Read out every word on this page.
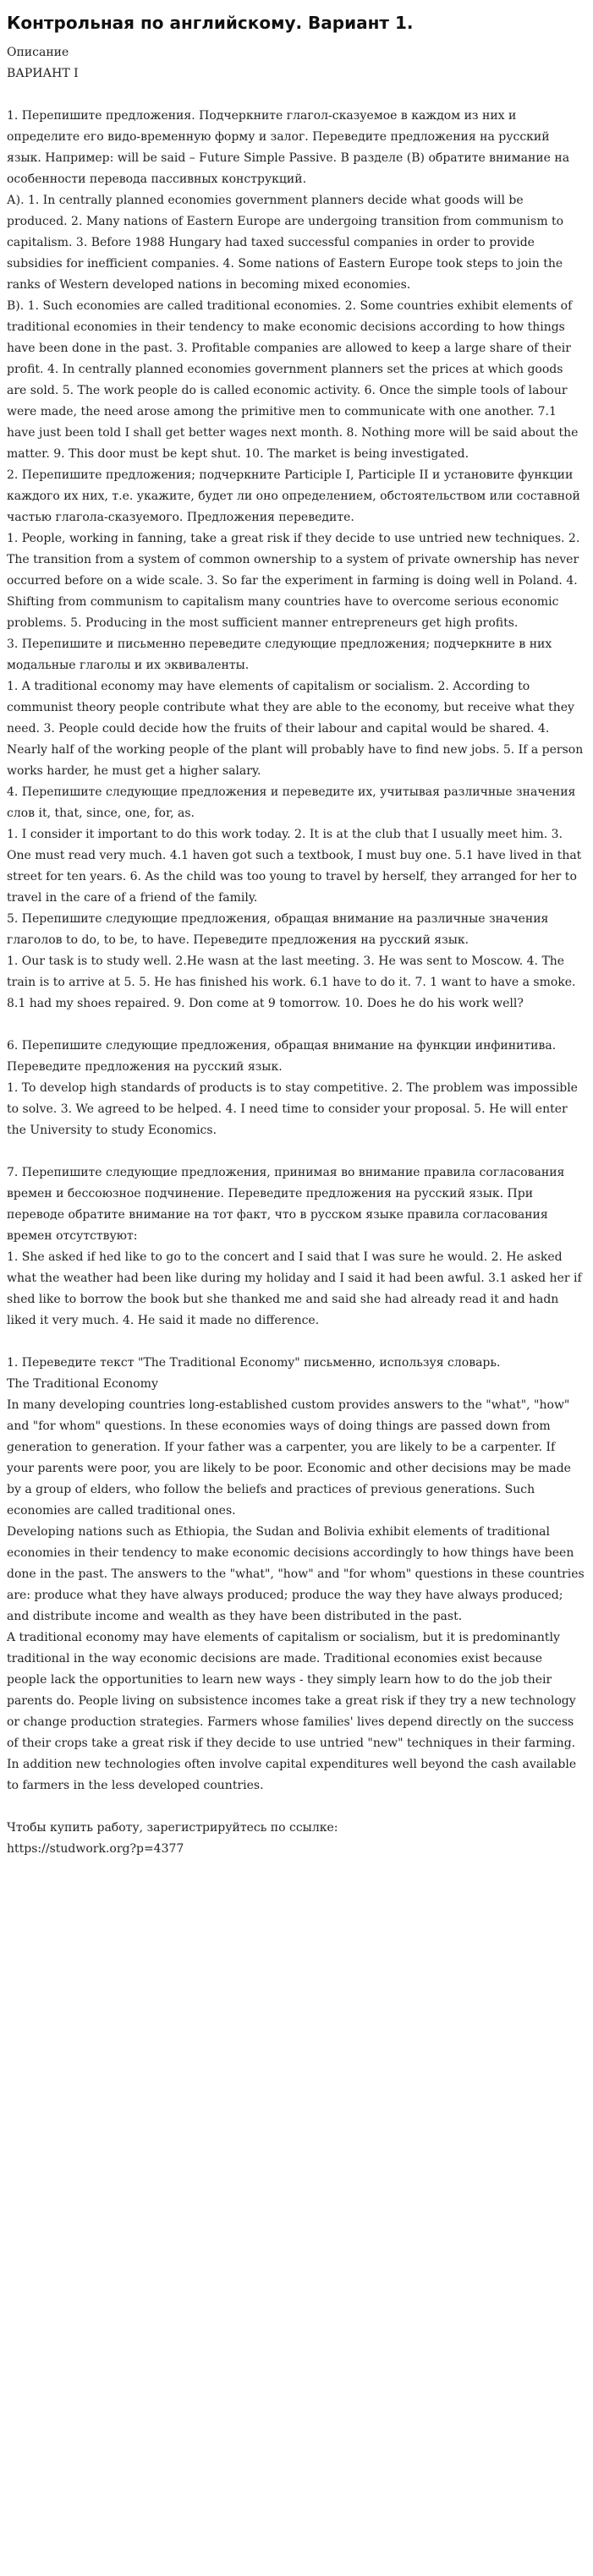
Контрольная по английскому. Вариант 1.
Описание
ВАРИАНТ I
1. Перепишите предложения. Подчеркните глагол-сказуемое в каждом из них и определите его видо-временную форму и залог. Переведите предложения на русский язык. Например: will be said – Future Simple Passive. В разделе (B) обратите внимание на особенности перевода пассивных конструкций.
А). 1. In centrally planned economies government planners decide what goods will be produced. 2. Many nations of Eastern Europe are undergoing transition from communism to capitalism. 3. Before 1988 Hungary had taxed successful companies in order to provide subsidies for inefficient companies. 4. Some nations of Eastern Europe took steps to join the ranks of Western developed nations in becoming mixed economies.
B). 1. Such economies are called traditional economies. 2. Some countries exhibit elements of traditional economies in their tendency to make economic decisions according to how things have been done in the past. 3. Profitable companies are allowed to keep a large share of their profit. 4. In centrally planned economies government planners set the prices at which goods are sold. 5. The work people do is called economic activity. 6. Once the simple tools of labour were made, the need arose among the primitive men to communicate with one another. 7.1 have just been told I shall get better wages next month. 8. Nothing more will be said about the matter. 9. This door must be kept shut. 10. The market is being investigated.
2. Перепишите предложения; подчеркните Participle I, Participle II и установите функции каждого их них, т.е. укажите, будет ли оно определением, обстоятельством или составной частью глагола-сказуемого. Предложения переведите.
1. People, working in fanning, take a great risk if they decide to use untried new techniques. 2. The transition from a system of common ownership to a system of private ownership has never occurred before on a wide scale. 3. So far the experiment in farming is doing well in Poland. 4. Shifting from communism to capitalism many countries have to overcome serious economic problems. 5. Producing in the most sufficient manner entrepreneurs get high profits.
3. Перепишите и письменно переведите следующие предложения; подчеркните в них модальные глаголы и их эквиваленты.
1. A traditional economy may have elements of capitalism or socialism. 2. According to communist theory people contribute what they are able to the economy, but receive what they need. 3. People could decide how the fruits of their labour and capital would be shared. 4. Nearly half of the working people of the plant will probably have to find new jobs. 5. If a person works harder, he must get a higher salary.
4. Перепишите следующие предложения и переведите их, учитывая различные значения слов it, that, since, one, for, as.
1. I consider it important to do this work today. 2. It is at the club that I usually meet him. 3. One must read very much. 4.1 haven got such a textbook, I must buy one. 5.1 have lived in that street for ten years. 6. As the child was too young to travel by herself, they arranged for her to travel in the care of a friend of the family.
5. Перепишите следующие предложения, обращая внимание на различные значения глаголов to do, to be, to have. Переведите предложения на русский язык.
1. Our task is to study well. 2.He wasn at the last meeting. 3. He was sent to Moscow. 4. The train is to arrive at 5. 5. He has finished his work. 6.1 have to do it. 7. 1 want to have a smoke. 8.1 had my shoes repaired. 9. Don come at 9 tomorrow. 10. Does he do his work well?
6. Перепишите следующие предложения, обращая внимание на функции инфинитива. Переведите предложения на русский язык.
1. To develop high standards of products is to stay competitive. 2. The problem was impossible to solve. 3. We agreed to be helped. 4. I need time to consider your proposal. 5. He will enter the University to study Economics.
7. Перепишите следующие предложения, принимая во внимание правила согласования времен и бессоюзное подчинение. Переведите предложения на русский язык. При переводе обратите внимание на тот факт, что в русском языке правила согласования времен отсутствуют:
1. She asked if hed like to go to the concert and I said that I was sure he would. 2. He asked what the weather had been like during my holiday and I said it had been awful. 3.1 asked her if shed like to borrow the book but she thanked me and said she had already read it and hadn liked it very much. 4. He said it made no difference.
1. Переведите текст "The Traditional Economy" письменно, используя словарь.
The Traditional Economy
In many developing countries long-established custom provides answers to the "what", "how" and "for whom" questions. In these economies ways of doing things are passed down from generation to generation. If your father was a carpenter, you are likely to be a carpenter. If your parents were poor, you are likely to be poor. Economic and other decisions may be made by a group of elders, who follow the beliefs and practices of previous generations. Such economies are called traditional ones.
Developing nations such as Ethiopia, the Sudan and Bolivia exhibit elements of traditional economies in their tendency to make economic decisions accordingly to how things have been done in the past. The answers to the "what", "how" and "for whom" questions in these countries are: produce what they have always produced; produce the way they have always produced; and distribute income and wealth as they have been distributed in the past.
A traditional economy may have elements of capitalism or socialism, but it is predominantly traditional in the way economic decisions are made. Traditional economies exist because people lack the opportunities to learn new ways - they simply learn how to do the job their parents do. People living on subsistence incomes take a great risk if they try a new technology or change production strategies. Farmers whose families' lives depend directly on the success of their crops take a great risk if they decide to use untried "new" techniques in their farming. In addition new technologies often involve capital expenditures well beyond the cash available to farmers in the less developed countries.
Чтобы купить работу, зарегистрируйтесь по ссылке:
https://studwork.org?p=4377
